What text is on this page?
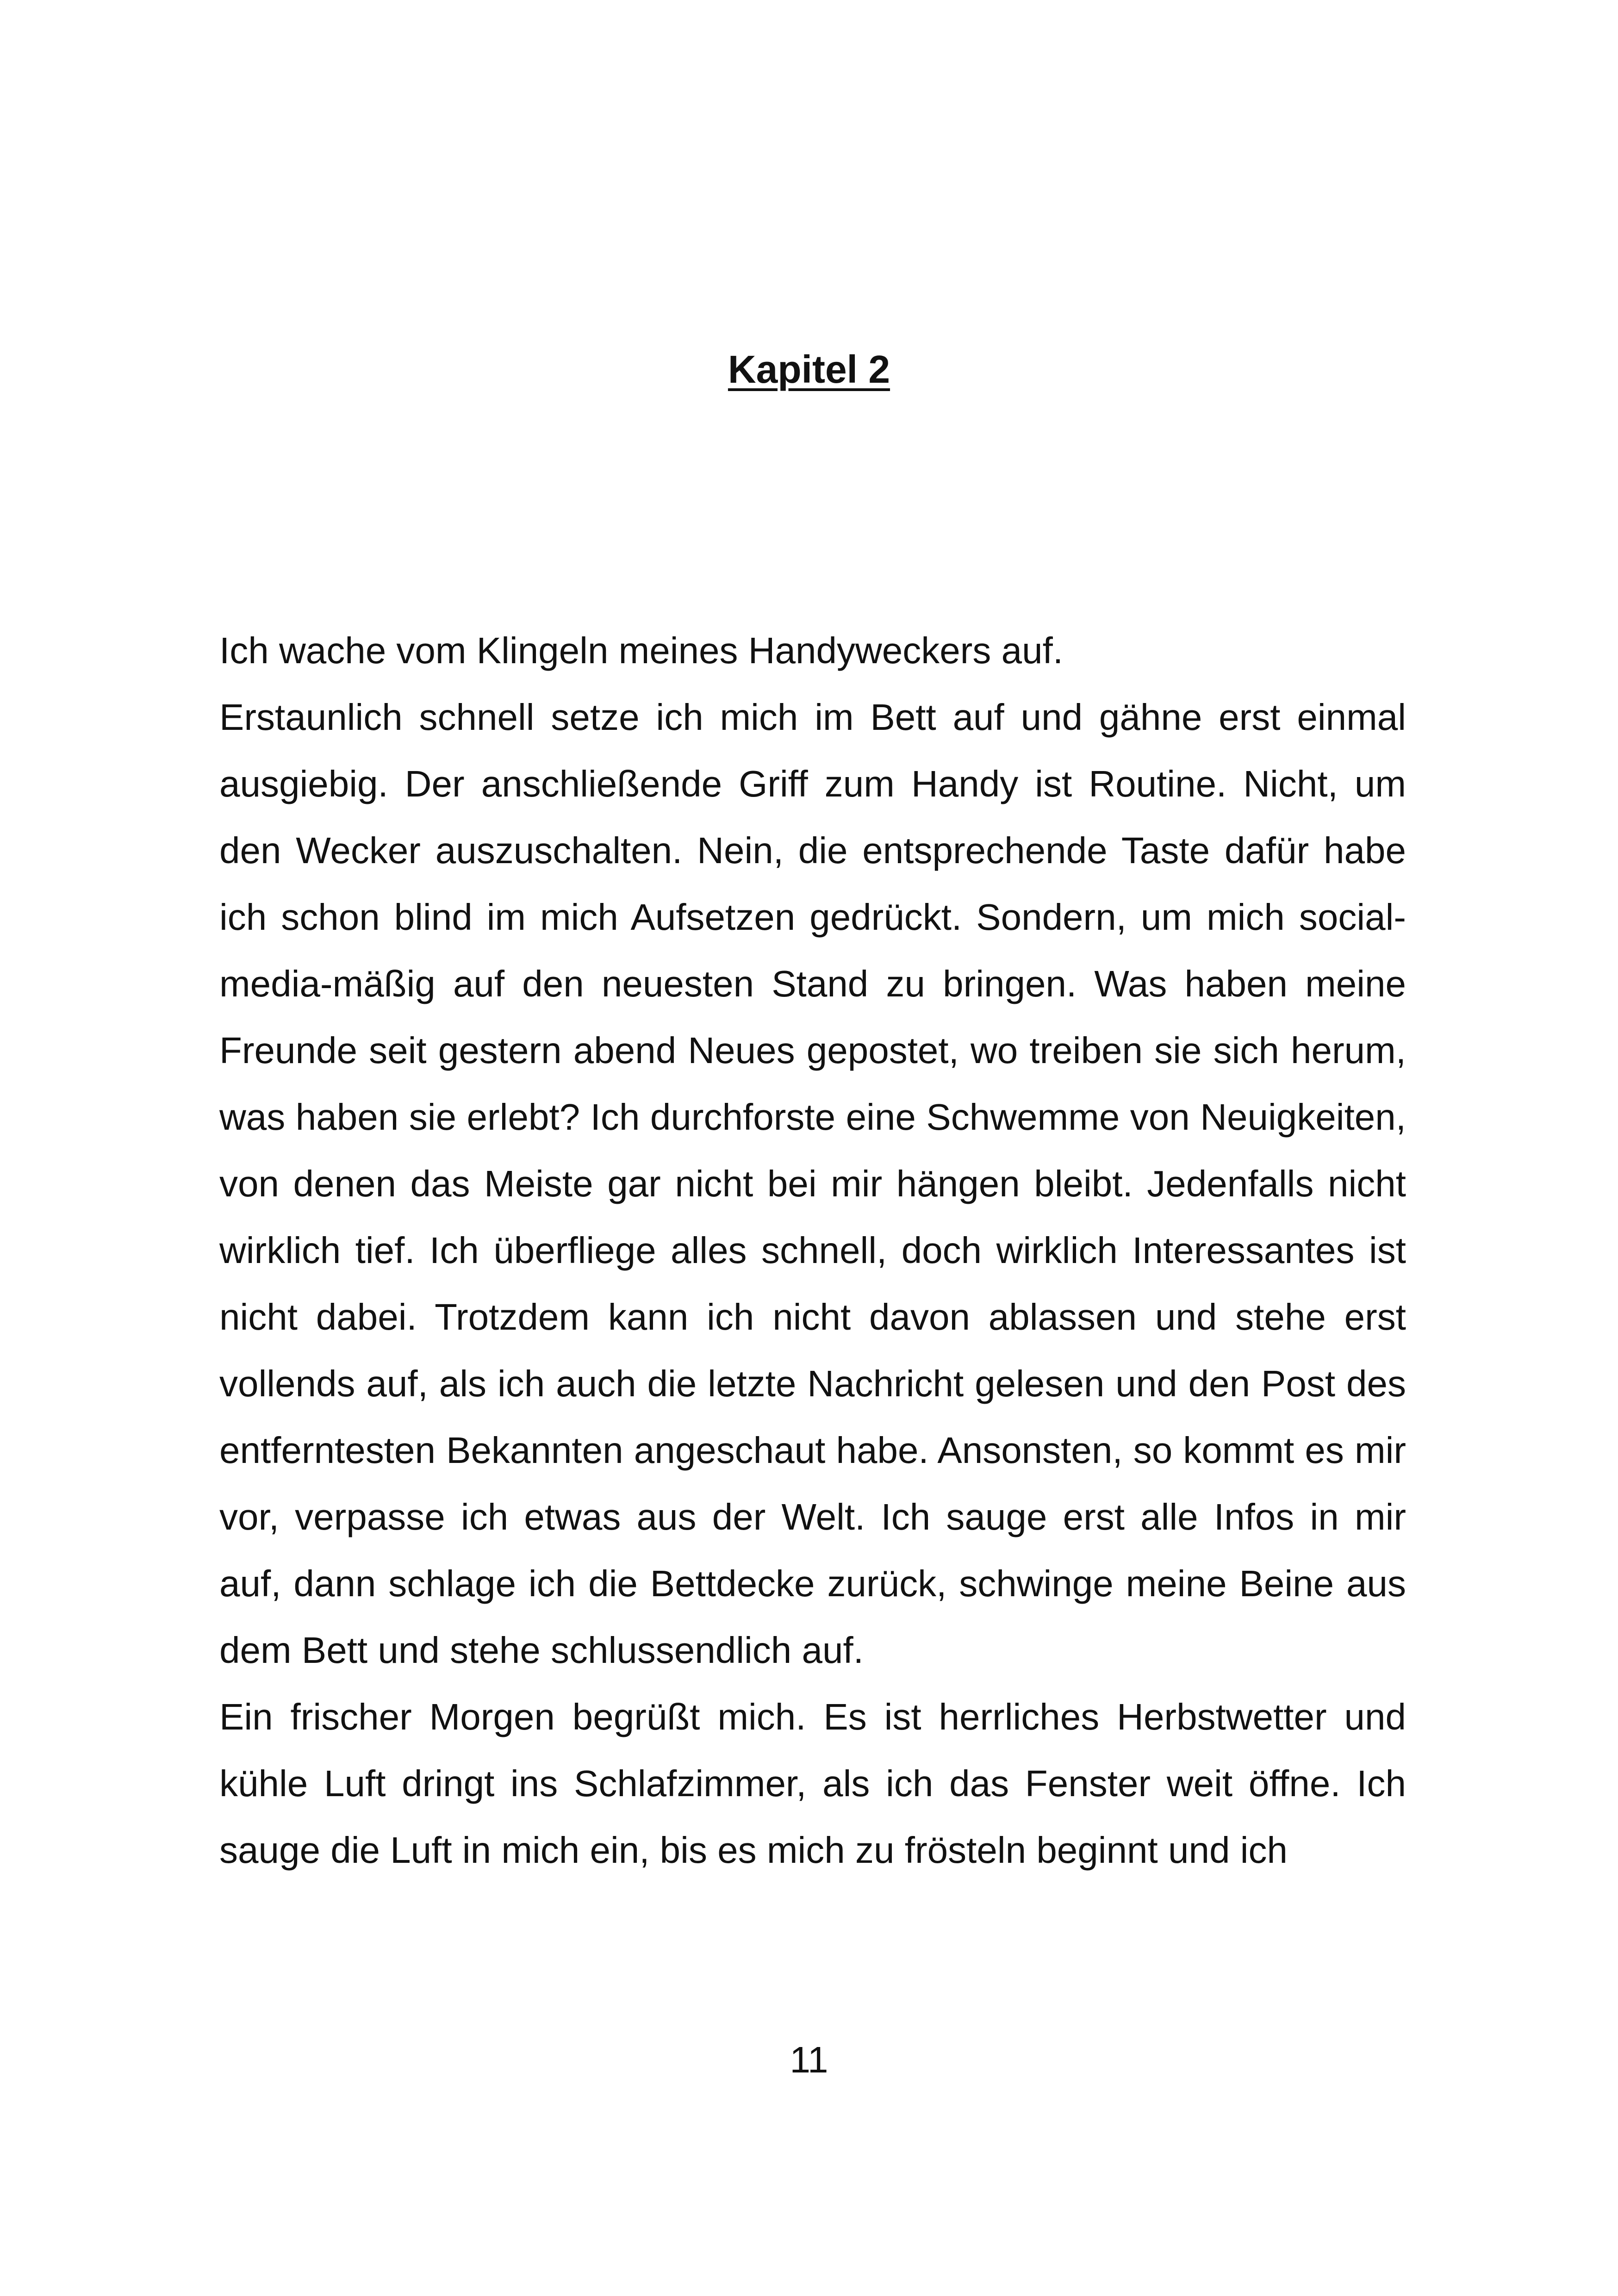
Kapitel 2

Ich wache vom Klingeln meines Handyweckers auf.

Erstaunlich schnell setze ich mich im Bett auf und gähne erst einmal ausgiebig. Der anschließende Griff zum Handy ist Routine. Nicht, um den Wecker auszuschalten. Nein, die entsprechende Taste dafür habe ich schon blind im mich Aufsetzen gedrückt. Sondern, um mich social-media-mäßig auf den neuesten Stand zu bringen. Was haben meine Freunde seit gestern abend Neues gepostet, wo treiben sie sich herum, was haben sie erlebt? Ich durchforste eine Schwemme von Neuigkeiten, von denen das Meiste gar nicht bei mir hängen bleibt. Jedenfalls nicht wirklich tief. Ich überfliege alles schnell, doch wirklich Interessantes ist nicht dabei. Trotzdem kann ich nicht davon ablassen und stehe erst vollends auf, als ich auch die letzte Nachricht gelesen und den Post des entferntesten Bekannten angeschaut habe. Ansonsten, so kommt es mir vor, verpasse ich etwas aus der Welt. Ich sauge erst alle Infos in mir auf, dann schlage ich die Bettdecke zurück, schwinge meine Beine aus dem Bett und stehe schlussendlich auf.

Ein frischer Morgen begrüßt mich. Es ist herrliches Herbstwetter und kühle Luft dringt ins Schlafzimmer, als ich das Fenster weit öffne. Ich sauge die Luft in mich ein, bis es mich zu frösteln beginnt und ich

11
